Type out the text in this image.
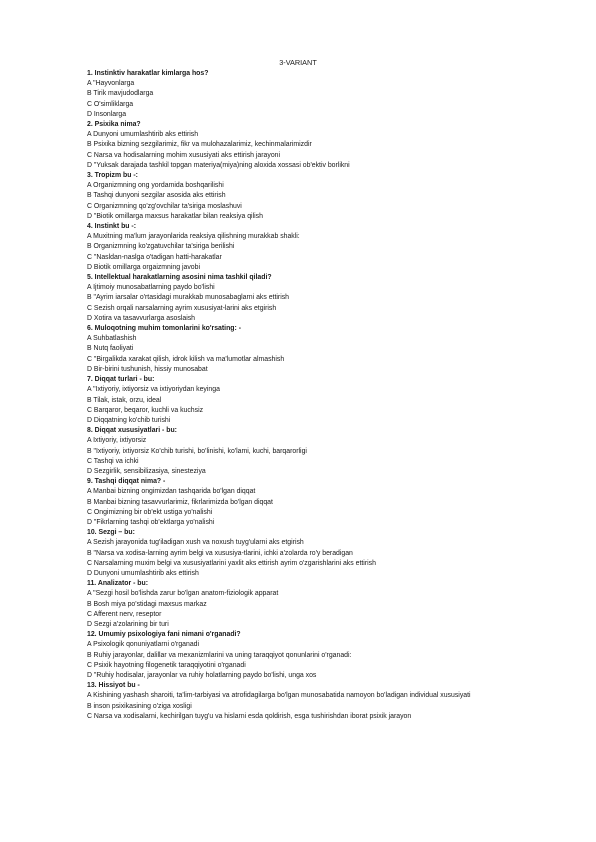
3-VARIANT
1. Instinktiv harakatlar kimlarga hos?
A "Hayvonlarga
B Tirik mavjudodlarga
C O'simliklarga
D Insonlarga
2. Psixika nima?
A Dunyoni umumlashtirib aks ettirish
B Psixika bizning sezgilarimiz, fikr va mulohazalarimiz, kechinmalarimizdir
C Narsa va hodisalarning mohim xususiyati aks ettirish jarayoni
D "Yuksak darajada tashkil topgan materiya(miya)ning aloxida xossasi ob'ektiv borlikni
3. Tropizm bu -:
A Organizmning ong yordamida boshqarilishi
B Tashqi dunyoni sezgilar asosida aks ettirish
C Organizmning qo'zg'ovchilar ta'siriga moslashuvi
D "Biotik omillarga maxsus harakatlar bilan reaksiya qilish
4. Instinkt bu -:
A Muxitning ma'lum jarayonlarida reaksiya qilishning murakkab shakli:
B Organizmning ko'zgatuvchilar ta'siriga berilishi
C "Nasldan-naslga o'tadigan hatti-harakatlar
D Biotik omillarga orgaizmning javobi
5. Intellektual harakatlarning asosini nima tashkil qiladi?
A Ijtimoiy munosabatlarning paydo bo'lishi
B "Ayrim iarsalar o'rtasidagi murakkab munosabaglarni aks ettirish
C Sezish orqali narsalarning ayrim xususiyat-larini aks etgirish
D Xotira va tasavvurlarga asoslaish
6. Muloqotning muhim tomonlarini ko'rsating: -
A Suhbatlashish
B Nutq faoliyati
C "Birgalikda xarakat qilish, idrok kilish va ma'lumotlar almashish
D Bir-birini tushunish, hissiy munosabat
7. Diqqat turlari - bu:
A "Ixtiyoriy, ixtiyorsiz va ixtiyoriydan keyinga
B Tilak, istak, orzu, ideal
C Barqaror, beqaror, kuchli va kuchsiz
D Diqqatning ko'chib turishi
8. Diqqat xususiyatlari - bu:
A Ixtiyoriy, ixtiyorsiz
B "Ixtiyoriy, ixtiyorsiz Ko'chib turishi, bo'linishi, ko'lami, kuchi, barqarorligi
C Tashqi va ichki
D Sezgirlik, sensibilizasiya, sinesteziya
9. Tashqi diqqat nima? -
A Manbai bizning ongimizdan tashqarida bo'lgan diqqat
B Manbai bizning tasavvurlarimiz, fikrlarimizda bo'lgan diqqat
C Ongimizning bir ob'ekt ustiga yo'nalishi
D "Fikrlarning tashqi ob'ektlarga yo'nalishi
10. Sezgi – bu:
A Sezish jarayonida tug'iladigan xush va noxush tuyg'ularni aks etgirish
B "Narsa va xodisa-larning ayrim belgi va xususiya-tlarini, ichki a'zolarda ro'y beradigan
C Narsalarning muxim belgi va xususiyatlarini yaxlit aks ettirish ayrim o'zgarishlarini aks ettirish
D Dunyoni umumlashtirib aks ettirish
11. Analizator - bu:
A "Sezgi hosil bo'lishda zarur bo'lgan anatom-fiziologik apparat
B Bosh miya po'stidagi maxsus markaz
C Afferent nerv, reseptor
D Sezgi a'zolarining bir turi
12. Umumiy psixologiya fani nimani o'rganadi?
A Psixologik qonuniyatlarni o'rganadi
B Ruhiy jarayonlar, dalillar va mexanizmlarini va uning taraqqiyot qonunlarini o'rganadi:
C Psixik hayotning filogenetik taraqqiyotini o'rganadi
D "Ruhiy hodisalar, jarayonlar va ruhiy holatlarning paydo bo'lishi, unga xos
13. Hissiyot bu -
A Kishining yashash sharoiti, ta'lim-tarbiyasi va atrofidagilarga bo'lgan munosabatida namoyon bo'ladigan individual xususiyati
B inson psixikasining o'ziga xosligi
C Narsa va xodisalarni, kechirilgan tuyg'u va hislarni esda qoldirish, esga tushirishdan iborat psixik jarayon
